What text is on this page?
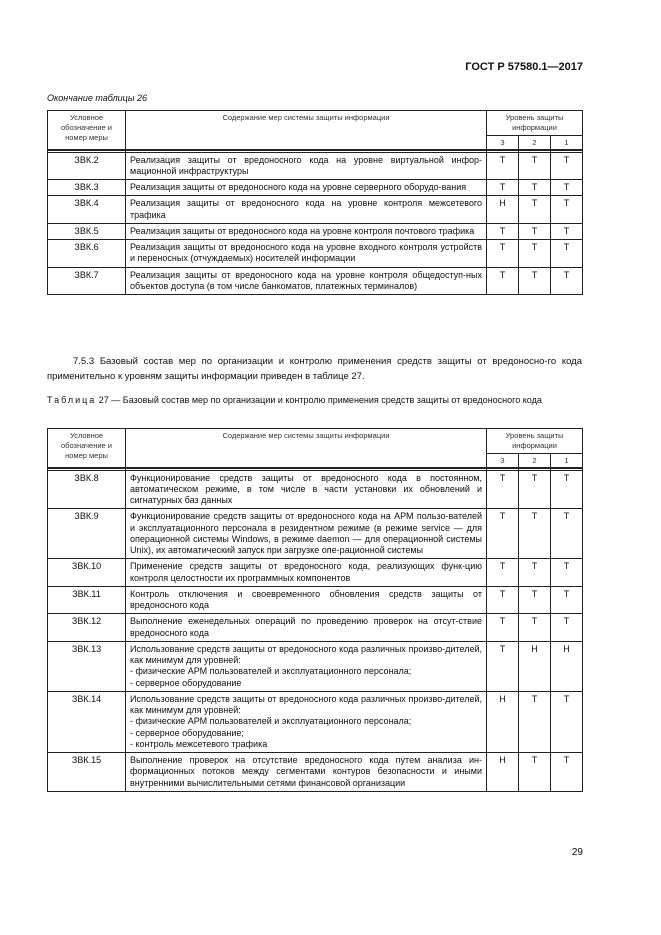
ГОСТ Р 57580.1—2017
Окончание таблицы 26
Условное обозначение и номер меры	Содержание мер системы защиты информации	Уровень защиты информации		
		3	2	1

ЗВК.2	Реализация защиты от вредоносного кода на уровне виртуальной инфор-мационной инфраструктуры	Т	Т	Т
ЗВК.3	Реализация защиты от вредоносного кода на уровне серверного оборудо-вания	Т	Т	Т
ЗВК.4	Реализация защиты от вредоносного кода на уровне контроля межсетевого трафика	Н	Т	Т
ЗВК.5	Реализация защиты от вредоносного кода на уровне контроля почтового трафика	Т	Т	Т
ЗВК.6	Реализация защиты от вредоносного кода на уровне входного контроля устройств и переносных (отчуждаемых) носителей информации	Т	Т	Т
ЗВК.7	Реализация защиты от вредоносного кода на уровне контроля общедоступ-ных объектов доступа (в том числе банкоматов, платежных терминалов)	Т	Т	Т

7.5.3 Базовый состав мер по организации и контролю применения средств защиты от вредоносно-го кода применительно к уровням защиты информации приведен в таблице 27.

Таблица 27 — Базовый состав мер по организации и контролю применения средств защиты от вредоносного кода

Условное обозначение и номер меры	Содержание мер системы защиты информации	Уровень защиты информации		
		3	2	1

ЗВК.8	Функционирование средств защиты от вредоносного кода в постоянном, автоматическом режиме, в том числе в части установки их обновлений и сигнатурных баз данных	Т	Т	Т
ЗВК.9	Функционирование средств защиты от вредоносного кода на АРМ пользо-вателей и эксплуатационного персонала в резидентном режиме (в режиме service — для операционной системы Windows, в режиме daemon — для операционной системы Unix), их автоматический запуск при загрузке опе-рационной системы	Т	Т	Т
ЗВК.10	Применение средств защиты от вредоносного кода, реализующих функ-цию контроля целостности их программных компонентов	Т	Т	Т
ЗВК.11	Контроль отключения и своевременного обновления средств защиты от вредоносного кода	Т	Т	Т
ЗВК.12	Выполнение еженедельных операций по проведению проверок на отсут-ствие вредоносного кода	Т	Т	Т
ЗВК.13	Использование средств защиты от вредоносного кода различных произво-дителей, как минимум для уровней:
- физические АРМ пользователей и эксплуатационного персонала;
- серверное оборудование	Т	Н	Н
ЗВК.14	Использование средств защиты от вредоносного кода различных произво-дителей, как минимум для уровней:
- физические АРМ пользователей и эксплуатационного персонала;
- серверное оборудование;
- контроль межсетевого трафика	Н	Т	Т
ЗВК.15	Выполнение проверок на отсутствие вредоносного кода путем анализа ин-формационных потоков между сегментами контуров безопасности и иными внутренними вычислительными сетями финансовой организации	Н	Т	Т
29
